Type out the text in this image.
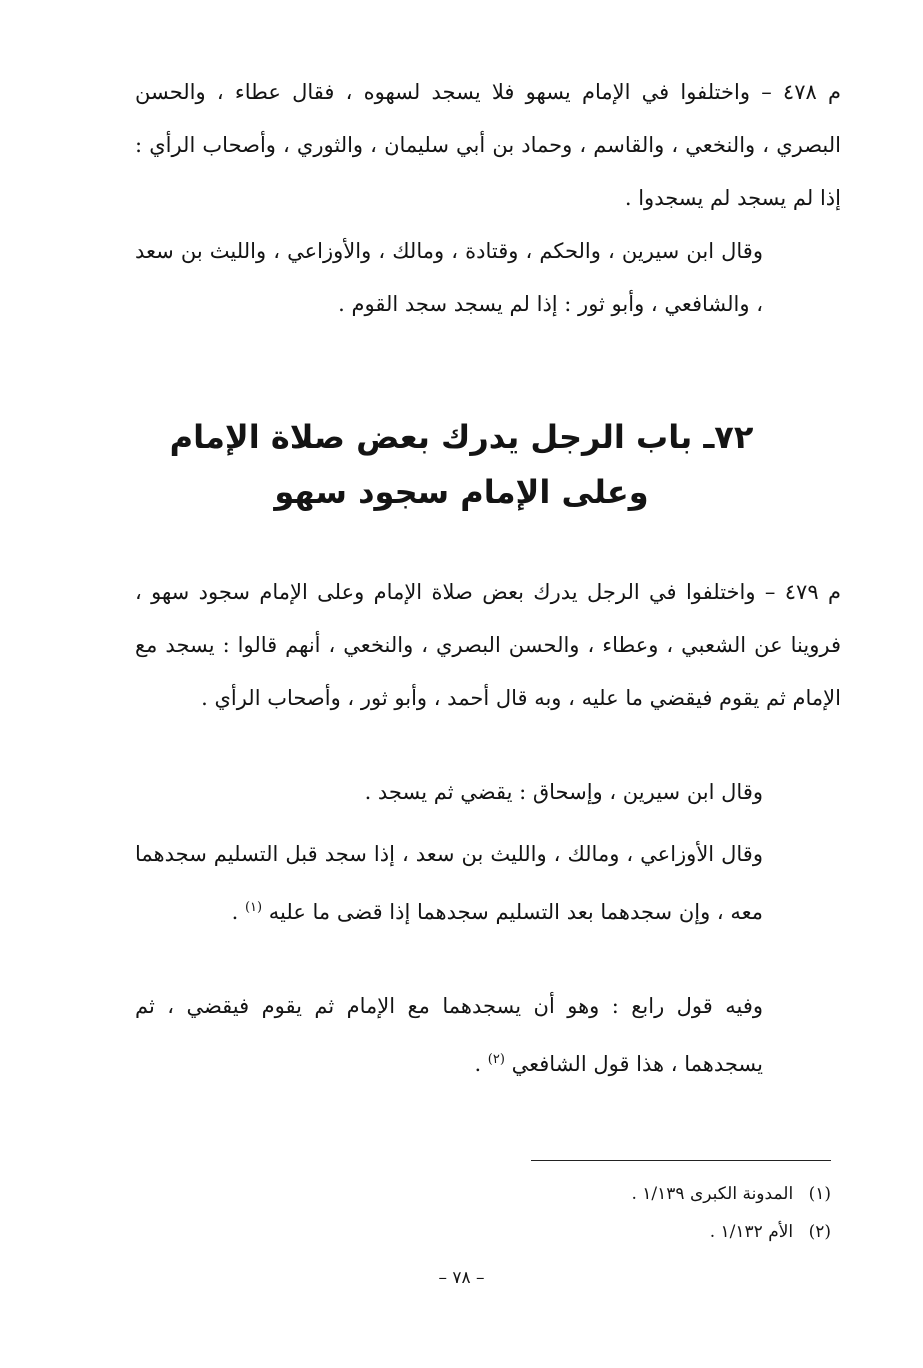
م ٤٧٨ – واختلفوا في الإمام يسهو فلا يسجد لسهوه ، فقال عطاء ، والحسن البصري ، والنخعي ، والقاسم ، وحماد بن أبي سليمان ، والثوري ، وأصحاب الرأي : إذا لم يسجد لم يسجدوا .
وقال ابن سيرين ، والحكم ، وقتادة ، ومالك ، والأوزاعي ، والليث بن سعد ، والشافعي ، وأبو ثور : إذا لم يسجد سجد القوم .
٧٢ـ باب الرجل يدرك بعض صلاة الإمام وعلى الإمام سجود سهو
م ٤٧٩ – واختلفوا في الرجل يدرك بعض صلاة الإمام وعلى الإمام سجود سهو ، فروينا عن الشعبي ، وعطاء ، والحسن البصري ، والنخعي ، أنهم قالوا : يسجد مع الإمام ثم يقوم فيقضي ما عليه ، وبه قال أحمد ، وأبو ثور ، وأصحاب الرأي .
وقال ابن سيرين ، وإسحاق : يقضي ثم يسجد .
وقال الأوزاعي ، ومالك ، والليث بن سعد ، إذا سجد قبل التسليم سجدهما معه ، وإن سجدهما بعد التسليم سجدهما إذا قضى ما عليه $^{(١)}$ .
وفيه قول رابع : وهو أن يسجدهما مع الإمام ثم يقوم فيقضي ، ثم يسجدهما ، هذا قول الشافعي $^{(٢)}$ .
(١) المدونة الكبرى ١/١٣٩ .
(٢) الأم ١/١٣٢ .
– ٧٨ –
